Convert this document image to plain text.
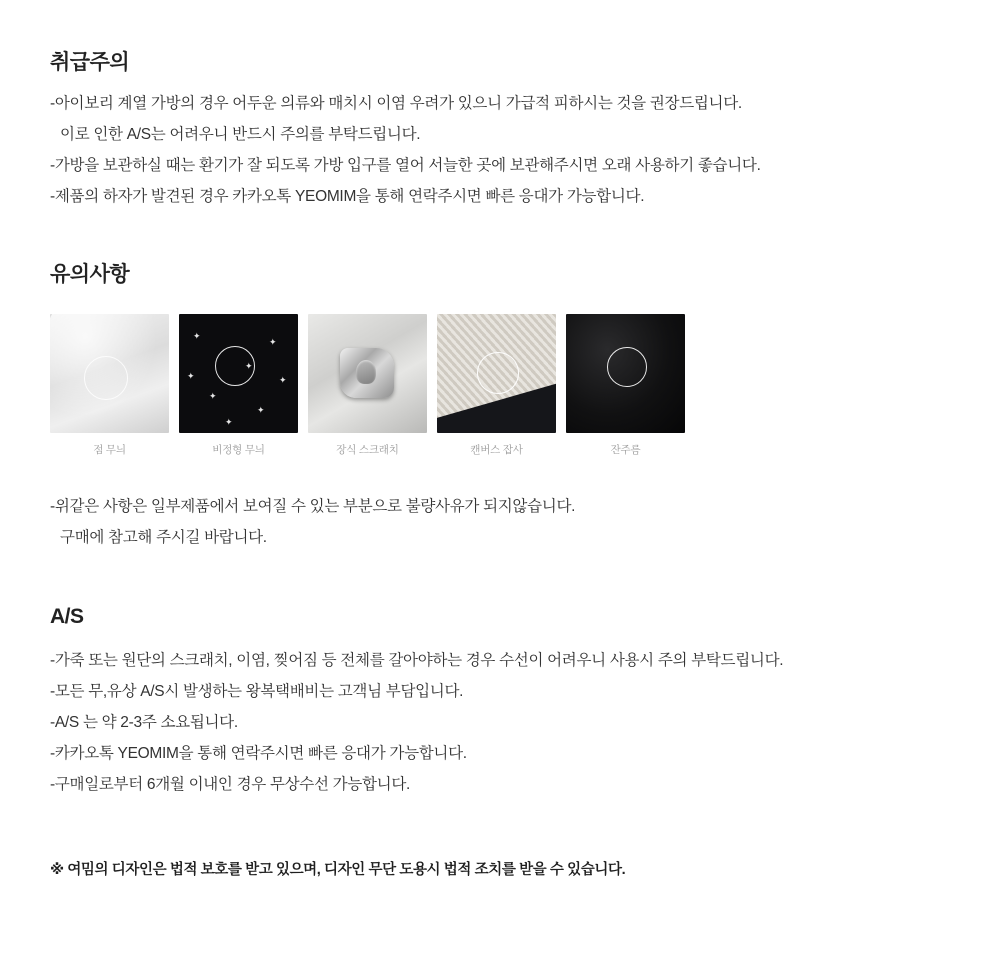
취급주의

-아이보리 계열 가방의 경우 어두운 의류와 매치시 이염 우려가 있으니 가급적 피하시는 것을 권장드립니다.

이로 인한 A/S는 어려우니 반드시 주의를 부탁드립니다.

-가방을 보관하실 때는 환기가 잘 되도록 가방 입구를 열어 서늘한 곳에 보관해주시면 오래 사용하기 좋습니다.

-제품의 하자가 발견된 경우 카카오톡 YEOMIM을 통해 연락주시면 빠른 응대가 가능합니다.

유의사항
점 무늬
✦
✦
✦
✦
✦
✦
✦
✦
비정형 무늬	장식 스크래치	캔버스 잡사	잔주름

-위같은 사항은 일부제품에서 보여질 수 있는 부분으로 불량사유가 되지않습니다.

구매에 참고해 주시길 바랍니다.

A/S

-가죽 또는 원단의 스크래치, 이염, 찢어짐 등 전체를 갈아야하는 경우 수선이 어려우니 사용시 주의 부탁드립니다.

-모든 무,유상 A/S시 발생하는 왕복택배비는 고객님 부담입니다.

-A/S 는 약 2-3주 소요됩니다.

-카카오톡 YEOMIM을 통해 연락주시면 빠른 응대가 가능합니다.

-구매일로부터 6개월 이내인 경우 무상수선 가능합니다.

※ 여밈의 디자인은 법적 보호를 받고 있으며, 디자인 무단 도용시 법적 조치를 받을 수 있습니다.
